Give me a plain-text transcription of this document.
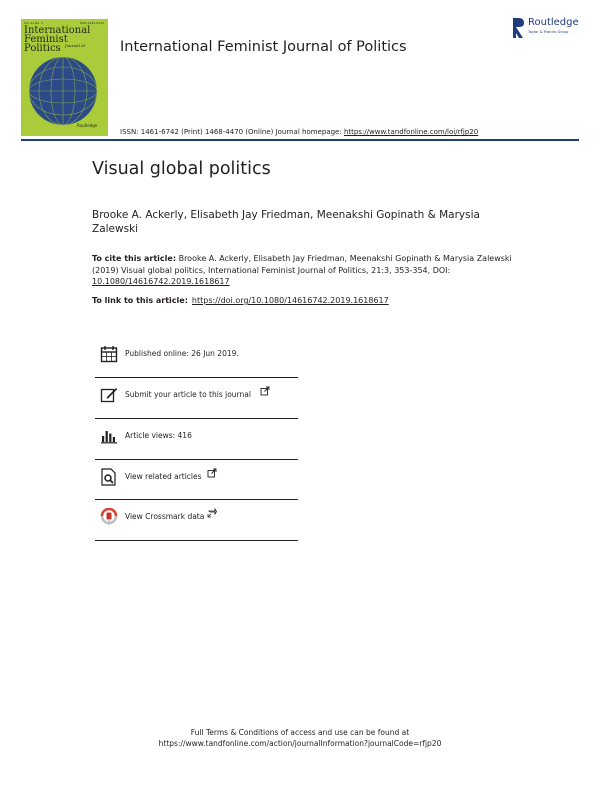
Vol. 21 No. 3	ISSN 1461-6742
International
Feminist
Politics	Journal of
Routledge
International Feminist Journal of Politics
Routledge
Taylor & Francis Group
ISSN: 1461-6742 (Print) 1468-4470 (Online) Journal homepage: https://www.tandfonline.com/loi/rfjp20
Visual global politics
Brooke A. Ackerly, Elisabeth Jay Friedman, Meenakshi Gopinath & Marysia Zalewski
To cite this article: Brooke A. Ackerly, Elisabeth Jay Friedman, Meenakshi Gopinath & Marysia Zalewski (2019) Visual global politics, International Feminist Journal of Politics, 21:3, 353-354, DOI: 10.1080/14616742.2019.1618617
To link to this article: https://doi.org/10.1080/14616742.2019.1618617
Published online: 26 Jun 2019.
Submit your article to this journal
Article views: 416
View related articles
View Crossmark data
Full Terms & Conditions of access and use can be found at
https://www.tandfonline.com/action/journalInformation?journalCode=rfjp20
